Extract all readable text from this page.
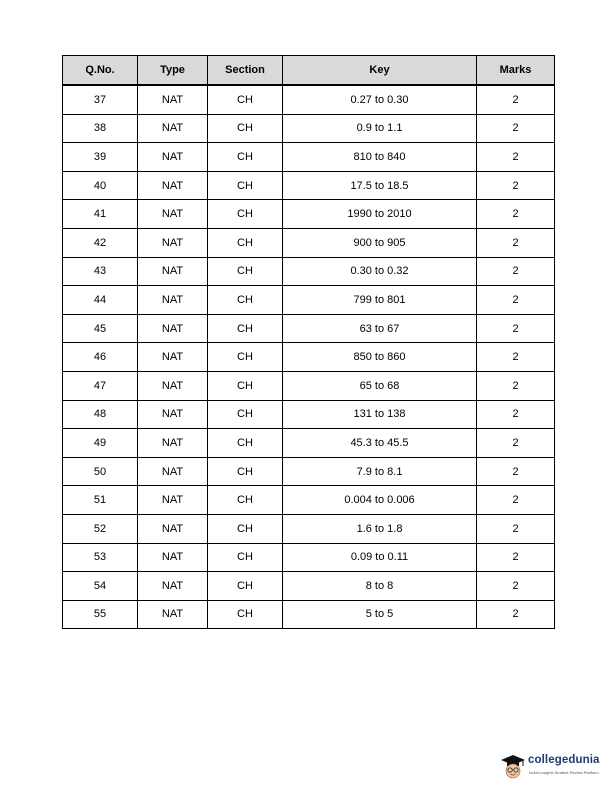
Q.No.	Type	Section	Key	Marks
37	NAT	CH	0.27 to 0.30	2
38	NAT	CH	0.9 to 1.1	2
39	NAT	CH	810 to 840	2
40	NAT	CH	17.5 to 18.5	2
41	NAT	CH	1990 to 2010	2
42	NAT	CH	900 to 905	2
43	NAT	CH	0.30 to 0.32	2
44	NAT	CH	799 to 801	2
45	NAT	CH	63 to 67	2
46	NAT	CH	850 to 860	2
47	NAT	CH	65 to 68	2
48	NAT	CH	131 to 138	2
49	NAT	CH	45.3 to 45.5	2
50	NAT	CH	7.9 to 8.1	2
51	NAT	CH	0.004 to 0.006	2
52	NAT	CH	1.6 to 1.8	2
53	NAT	CH	0.09 to 0.11	2
54	NAT	CH	8 to 8	2
55	NAT	CH	5 to 5	2
collegedunia
India's largest Student Review Platform
